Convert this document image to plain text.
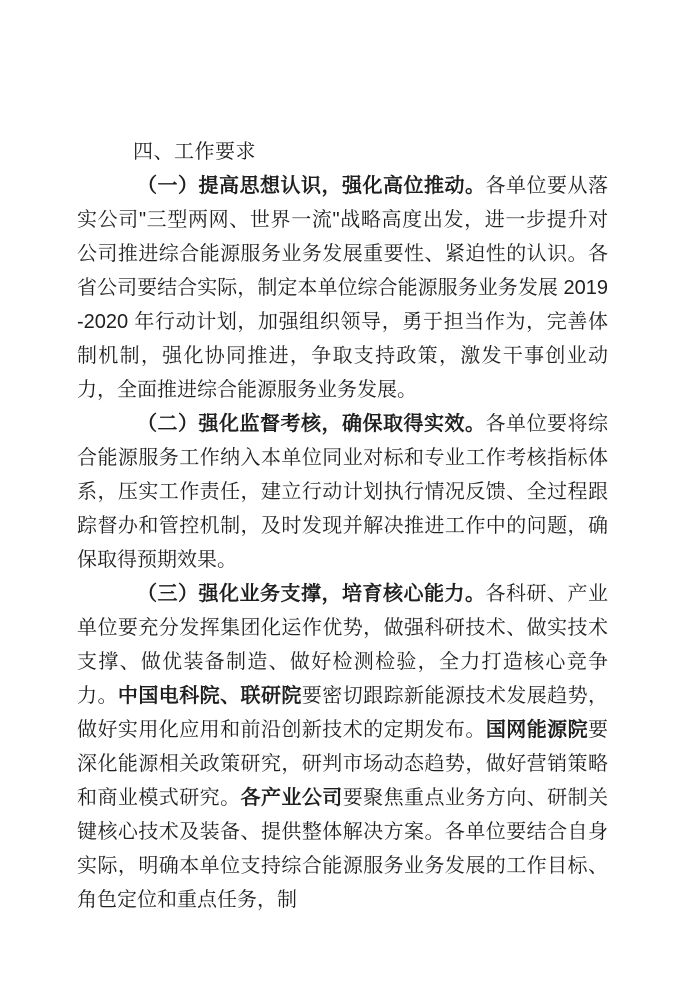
四、工作要求

（一）提高思想认识，强化高位推动。各单位要从落实公司"三型两网、世界一流"战略高度出发，进一步提升对公司推进综合能源服务业务发展重要性、紧迫性的认识。各省公司要结合实际，制定本单位综合能源服务业务发展 2019-2020 年行动计划，加强组织领导，勇于担当作为，完善体制机制，强化协同推进，争取支持政策，激发干事创业动力，全面推进综合能源服务业务发展。

（二）强化监督考核，确保取得实效。各单位要将综合能源服务工作纳入本单位同业对标和专业工作考核指标体系，压实工作责任，建立行动计划执行情况反馈、全过程跟踪督办和管控机制，及时发现并解决推进工作中的问题，确保取得预期效果。

（三）强化业务支撑，培育核心能力。各科研、产业单位要充分发挥集团化运作优势，做强科研技术、做实技术支撑、做优装备制造、做好检测检验，全力打造核心竞争力。中国电科院、联研院要密切跟踪新能源技术发展趋势，做好实用化应用和前沿创新技术的定期发布。国网能源院要深化能源相关政策研究，研判市场动态趋势，做好营销策略和商业模式研究。各产业公司要聚焦重点业务方向、研制关键核心技术及装备、提供整体解决方案。各单位要结合自身实际，明确本单位支持综合能源服务业务发展的工作目标、角色定位和重点任务，制
